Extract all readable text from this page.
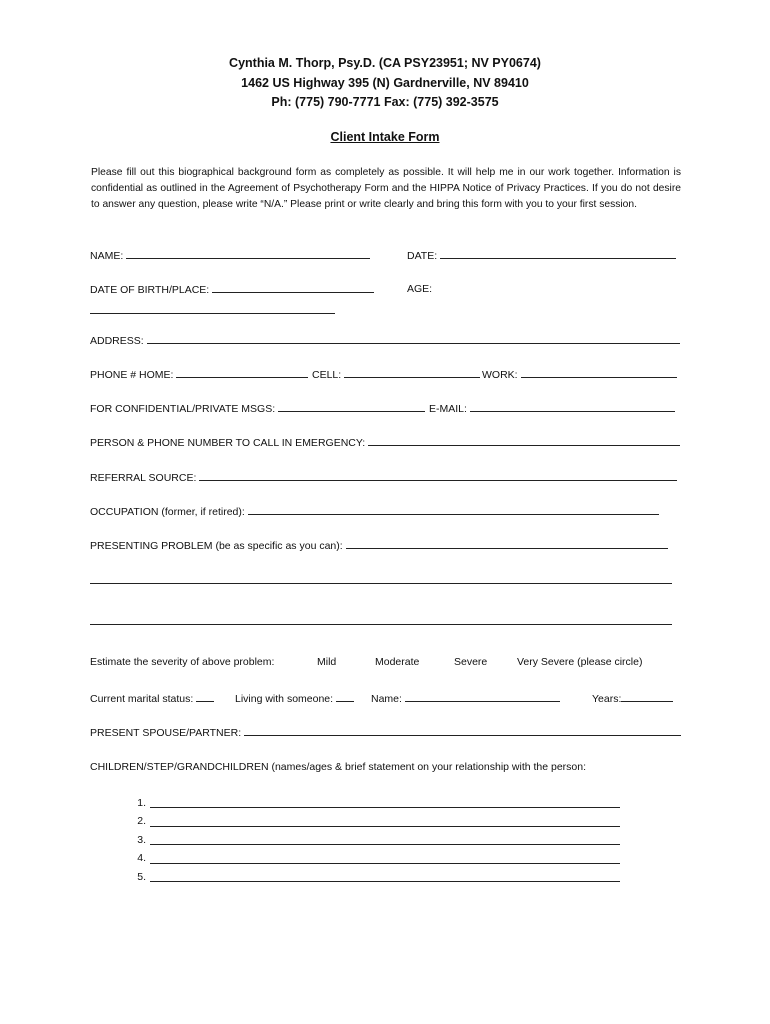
Cynthia M. Thorp, Psy.D. (CA PSY23951; NV PY0674)
1462 US Highway 395 (N) Gardnerville, NV 89410
Ph: (775) 790-7771 Fax: (775) 392-3575
Client Intake Form
Please fill out this biographical background form as completely as possible. It will help me in our work together. Information is confidential as outlined in the Agreement of Psychotherapy Form and the HIPPA Notice of Privacy Practices. If you do not desire to answer any question, please write “N/A.” Please print or write clearly and bring this form with you to your first session.
NAME:	DATE:
DATE OF BIRTH/PLACE:	AGE:
ADDRESS:
PHONE # HOME:	CELL:	WORK:
FOR CONFIDENTIAL/PRIVATE MSGS:	E-MAIL:
PERSON & PHONE NUMBER TO CALL IN EMERGENCY:
REFERRAL SOURCE:
OCCUPATION (former, if retired):
PRESENTING PROBLEM (be as specific as you can):
Estimate the severity of above problem:	Mild	Moderate	Severe	Very Severe (please circle)
Current marital status:	Living with someone:	Name:	Years:
PRESENT SPOUSE/PARTNER:
CHILDREN/STEP/GRANDCHILDREN (names/ages & brief statement on your relationship with the person:
1.
2.
3.
4.
5.
